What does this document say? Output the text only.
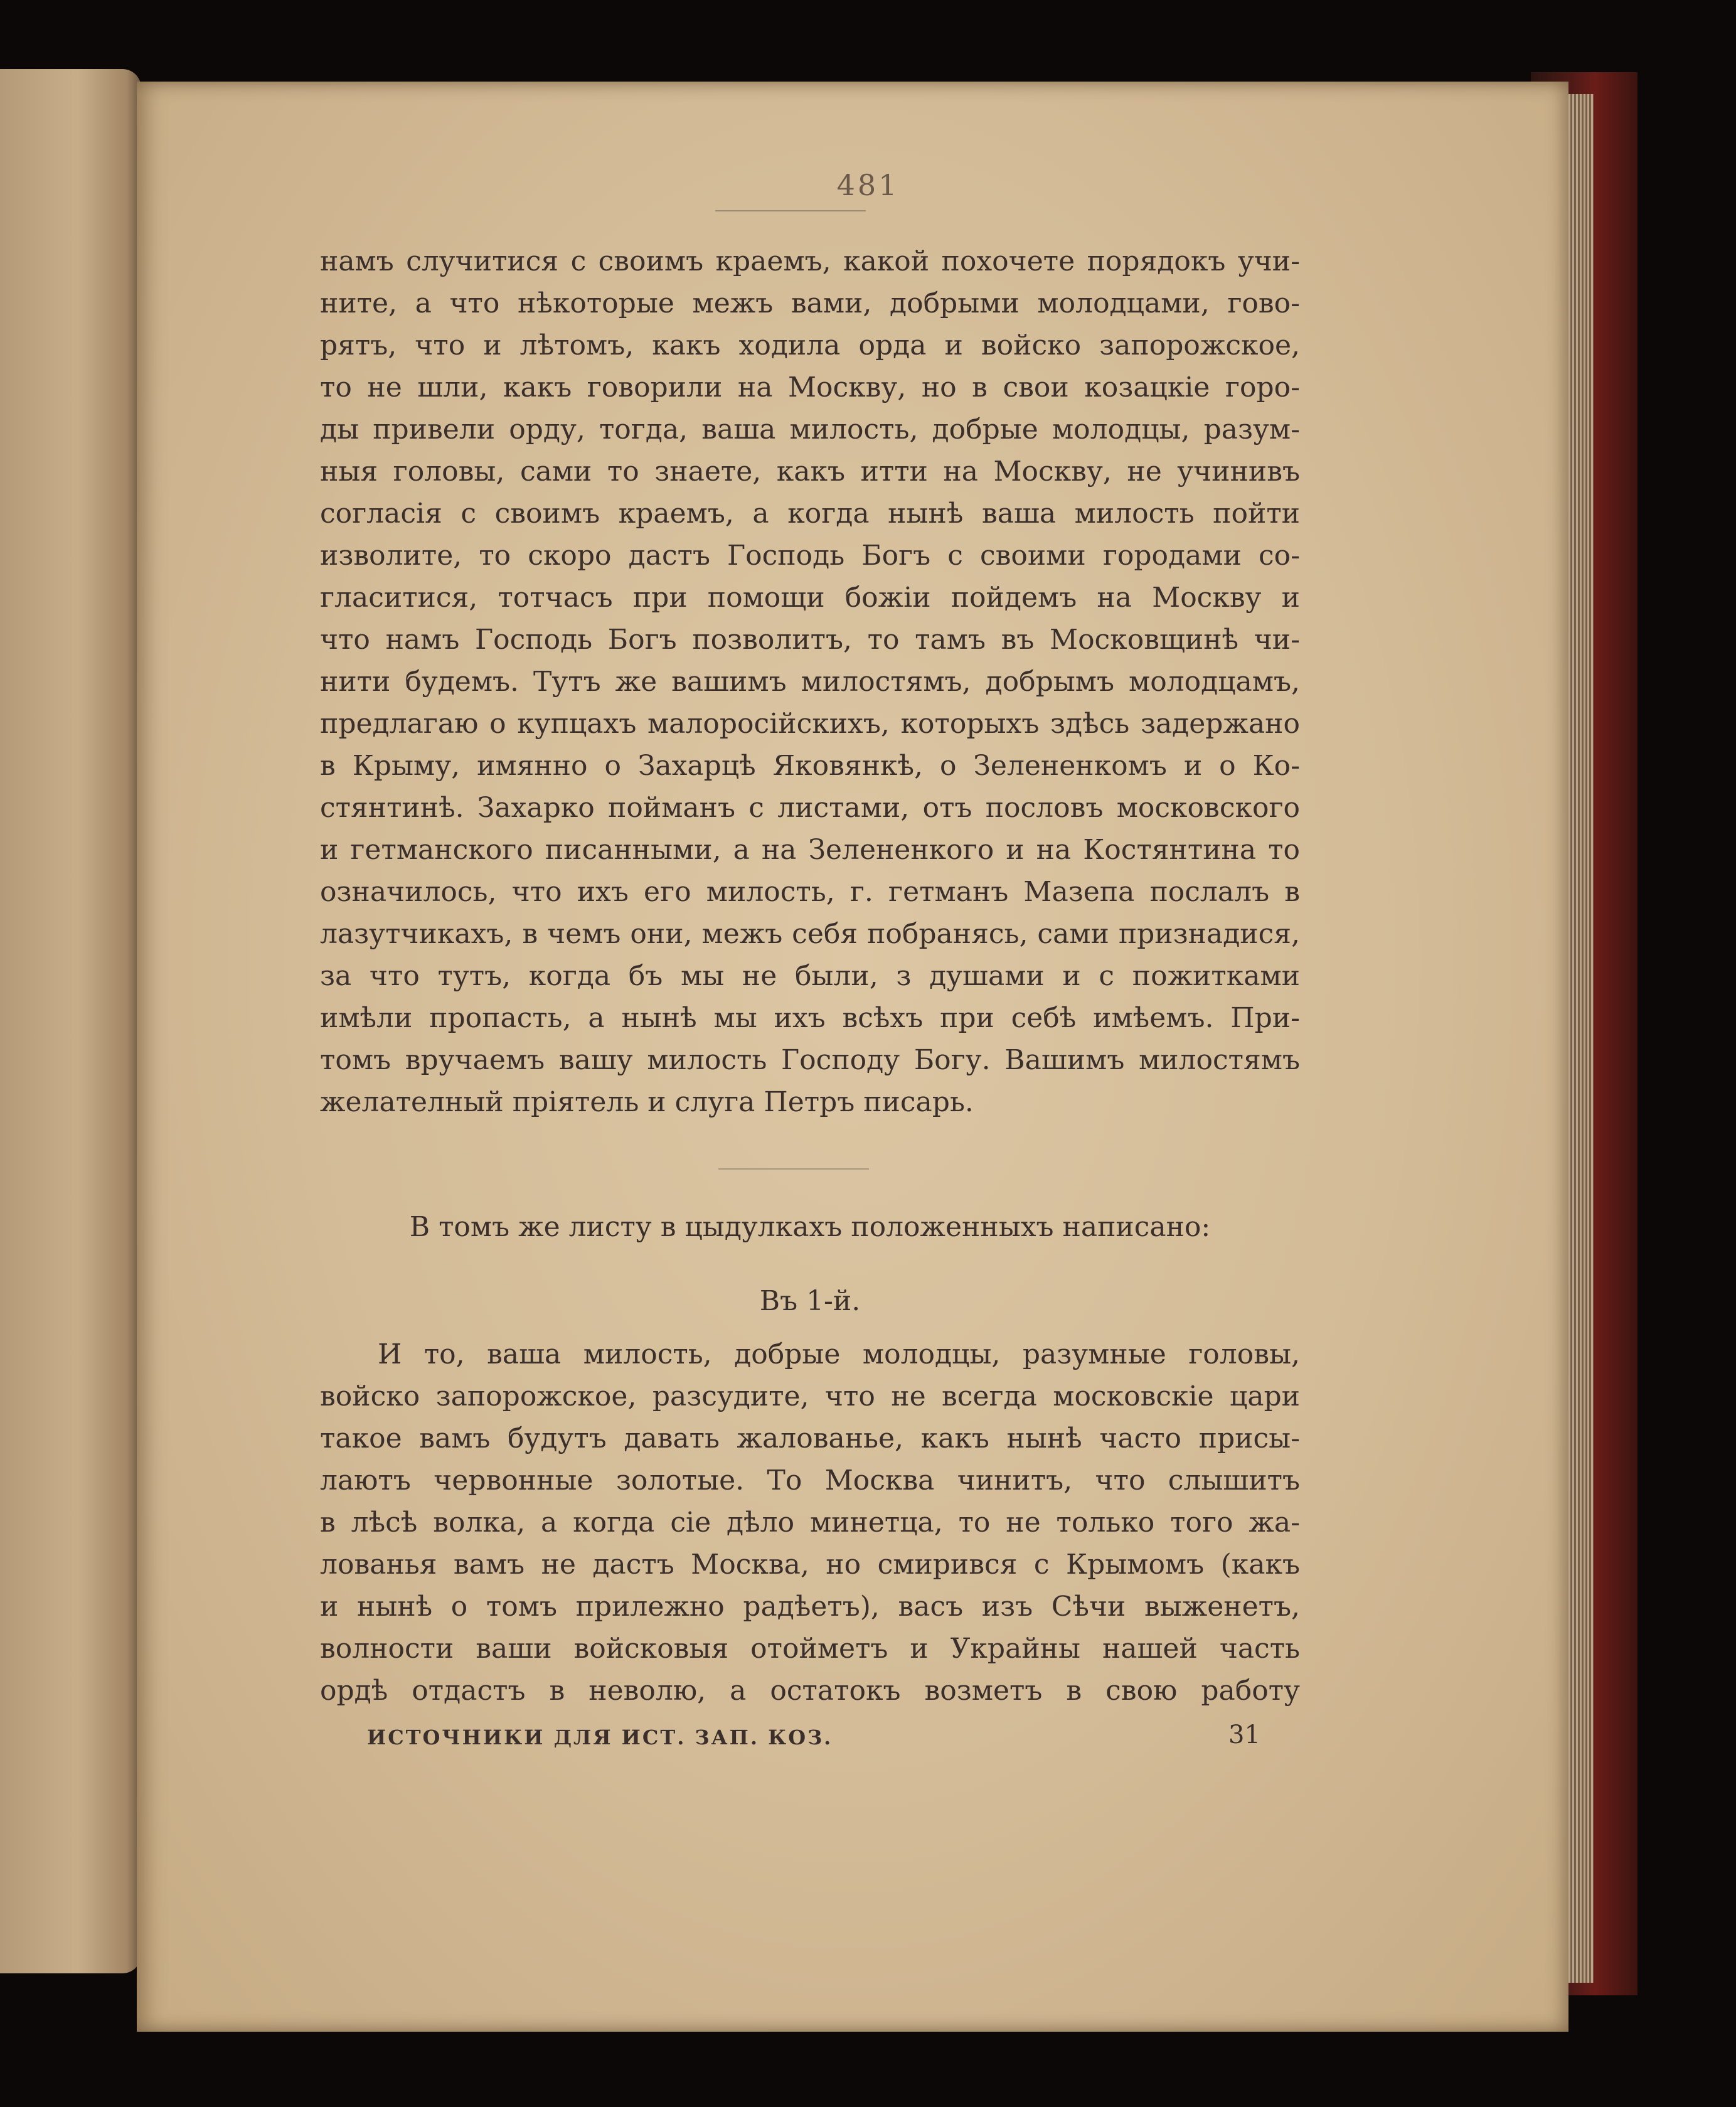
481
намъ случитися с своимъ краемъ, какой похочете порядокъ учи-
ните, а что нѣкоторые межъ вами, добрыми молодцами, гово-
рятъ, что и лѣтомъ, какъ ходила орда и войско запорожское,
то не шли, какъ говорили на Москву, но в свои козацкіе горо-
ды привели орду, тогда, ваша милость, добрые молодцы, разум-
ныя головы, сами то знаете, какъ итти на Москву, не учинивъ
согласія с своимъ краемъ, а когда нынѣ ваша милость пойти
изволите, то скоро дастъ Господь Богъ с своими городами со-
гласитися, тотчасъ при помощи божіи пойдемъ на Москву и
что намъ Господь Богъ позволитъ, то тамъ въ Московщинѣ чи-
нити будемъ. Тутъ же вашимъ милостямъ, добрымъ молодцамъ,
предлагаю о купцахъ малоросійскихъ, которыхъ здѣсь задержано
в Крыму, имянно о Захарцѣ Яковянкѣ, о Зелененкомъ и о Ко-
стянтинѣ. Захарко пойманъ с листами, отъ пословъ московского
и гетманского писанными, а на Зелененкого и на Костянтина то
означилось, что ихъ его милость, г. гетманъ Мазепа послалъ в
лазутчикахъ, в чемъ они, межъ себя побранясь, сами признадися,
за что тутъ, когда бъ мы не были, з душами и с пожитками
имѣли пропасть, а нынѣ мы ихъ всѣхъ при себѣ имѣемъ. При-
томъ вручаемъ вашу милость Господу Богу. Вашимъ милостямъ
желателный пріятель и слуга Петръ писарь.
В томъ же листу в цыдулкахъ положенныхъ написано:
Въ 1-й.
И то, ваша милость, добрые молодцы, разумные головы,
войско запорожское, разсудите, что не всегда московскіе цари
такое вамъ будутъ давать жалованье, какъ нынѣ часто присы-
лаютъ червонные золотые. То Москва чинитъ, что слышитъ
в лѣсѣ волка, а когда сіе дѣло минетца, то не только того жа-
лованья вамъ не дастъ Москва, но смирився с Крымомъ (какъ
и нынѣ о томъ прилежно радѣетъ), васъ изъ Сѣчи выженетъ,
волности ваши войсковыя отойметъ и Украйны нашей часть
ордѣ отдастъ в неволю, а остатокъ возметъ в свою работу
ИСТОЧНИКИ ДЛЯ ИСТ. ЗАП. КОЗ.	31
